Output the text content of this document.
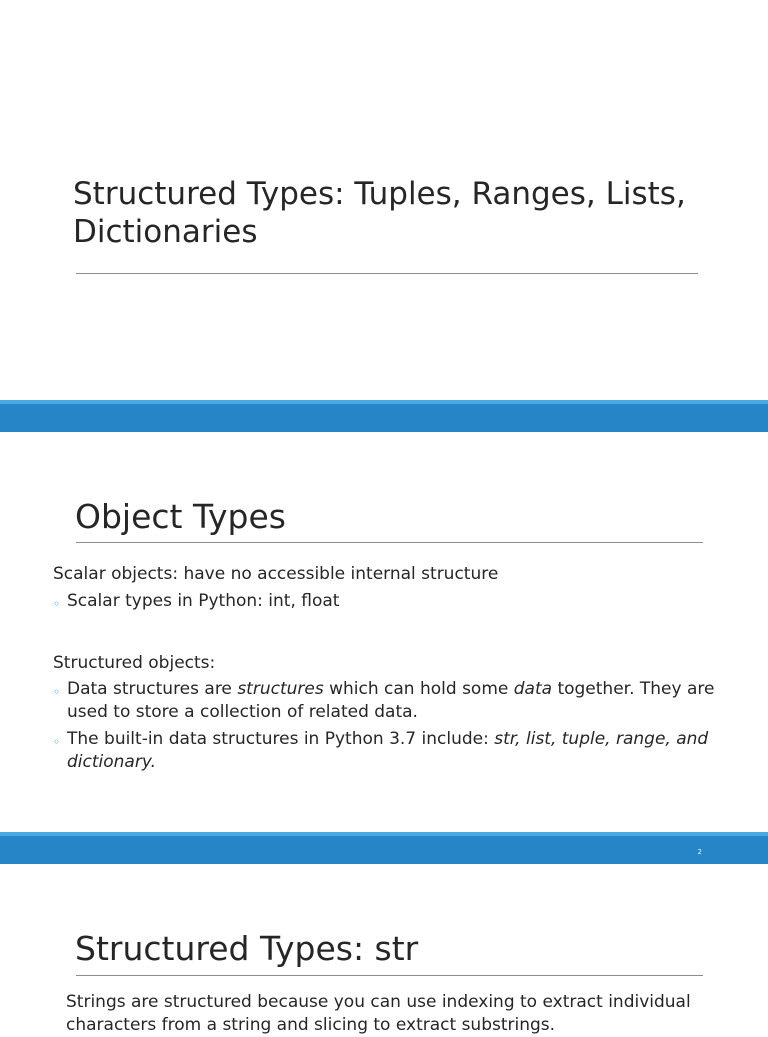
Structured Types: Tuples, Ranges, Lists, Dictionaries
Object Types

Scalar objects: have no accessible internal structure

◦ Scalar types in Python: int, float

Structured objects:

◦ Data structures are structures which can hold some data together. They are used to store a collection of related data.
◦ The built-in data structures in Python 3.7 include: str, list, tuple, range, and dictionary.
2
Structured Types: str

Strings are structured because you can use indexing to extract individual characters from a string and slicing to extract substrings.
